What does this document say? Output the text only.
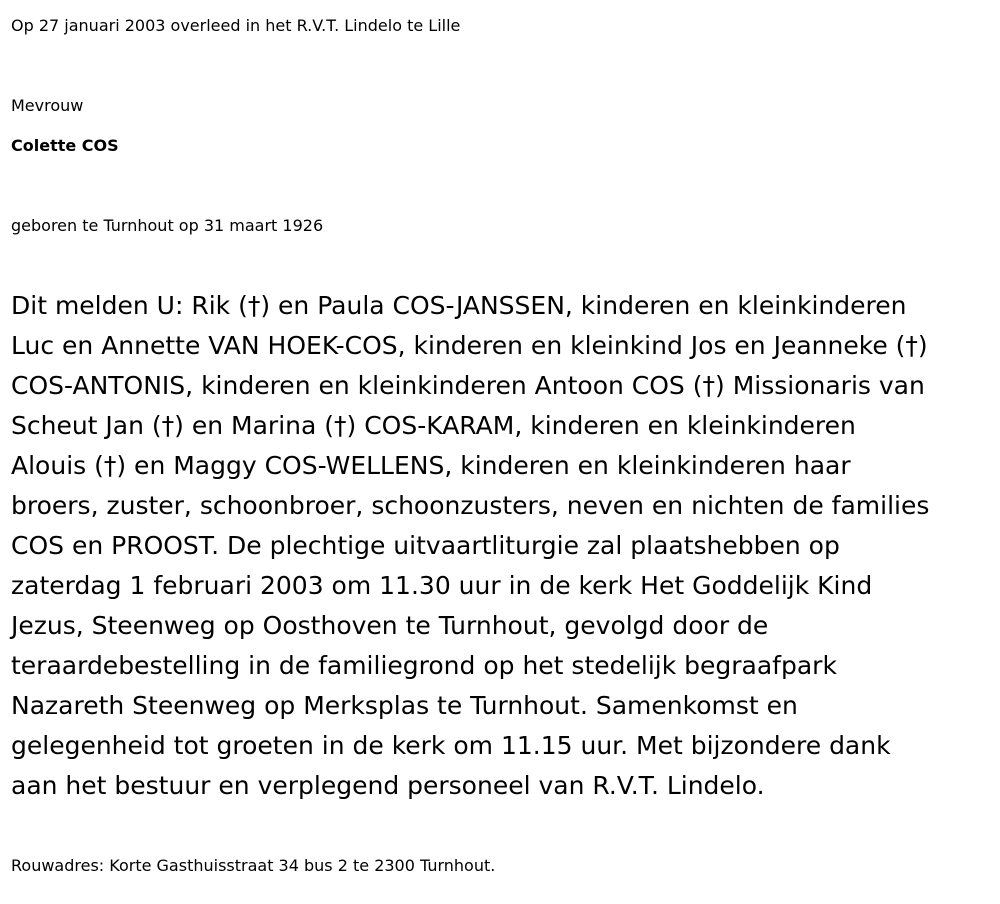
Op 27 januari 2003 overleed in het R.V.T. Lindelo te Lille
Mevrouw
Colette COS
geboren te Turnhout op 31 maart 1926
Dit melden U: Rik (†) en Paula COS-JANSSEN, kinderen en kleinkinderen
Luc en Annette VAN HOEK-COS, kinderen en kleinkind Jos en Jeanneke (†)
COS-ANTONIS, kinderen en kleinkinderen Antoon COS (†) Missionaris van
Scheut Jan (†) en Marina (†) COS-KARAM, kinderen en kleinkinderen
Alouis (†) en Maggy COS-WELLENS, kinderen en kleinkinderen haar
broers, zuster, schoonbroer, schoonzusters, neven en nichten de families
COS en PROOST. De plechtige uitvaartliturgie zal plaatshebben op
zaterdag 1 februari 2003 om 11.30 uur in de kerk Het Goddelijk Kind
Jezus, Steenweg op Oosthoven te Turnhout, gevolgd door de
teraardebestelling in de familiegrond op het stedelijk begraafpark
Nazareth Steenweg op Merksplas te Turnhout. Samenkomst en
gelegenheid tot groeten in de kerk om 11.15 uur. Met bijzondere dank
aan het bestuur en verplegend personeel van R.V.T. Lindelo.
Rouwadres: Korte Gasthuisstraat 34 bus 2 te 2300 Turnhout.
